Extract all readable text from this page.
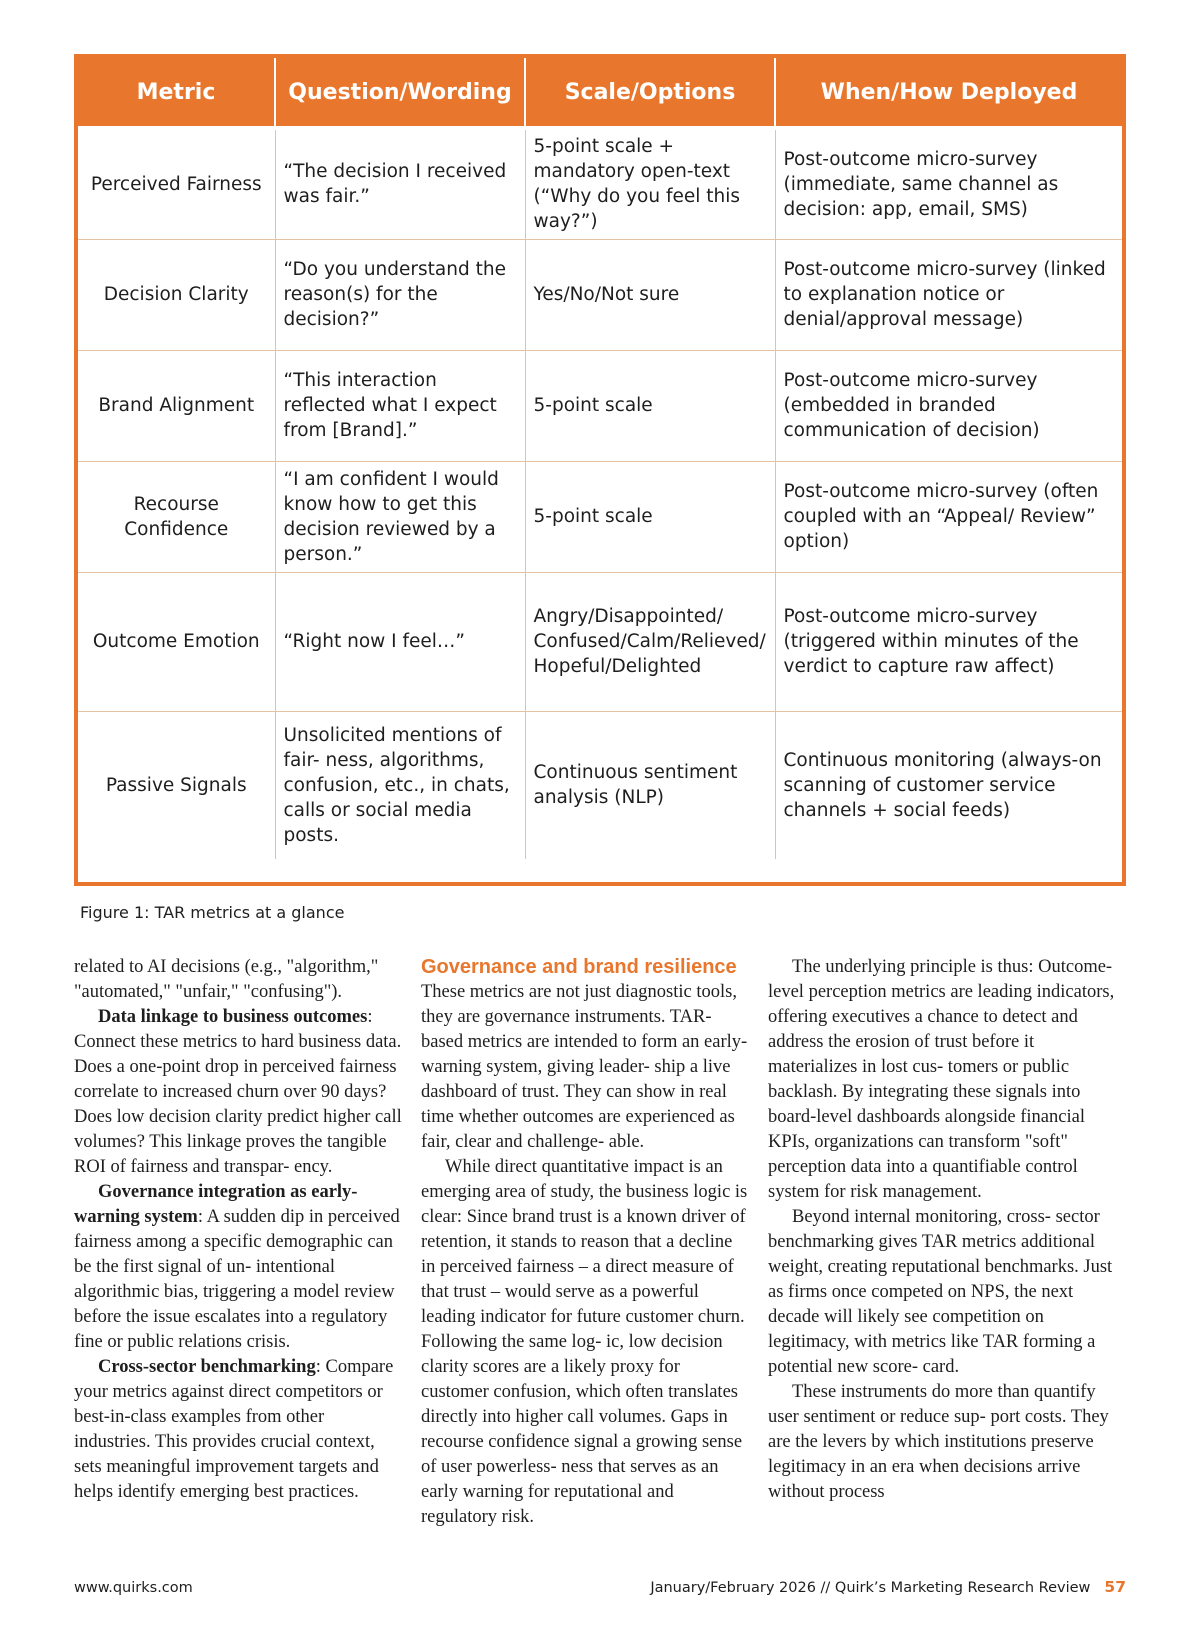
Metric	Question/Wording	Scale/Options	When/How Deployed
Perceived Fairness	“The decision I received was fair.”	5-point scale + mandatory open-text (“Why do you feel this way?”)	Post-outcome micro-survey (immediate, same channel as decision: app, email, SMS)
Decision Clarity	“Do you understand the reason(s) for the decision?”	Yes/No/Not sure	Post-outcome micro-survey (linked to explanation notice or denial/approval message)
Brand Alignment	“This interaction reflected what I expect from [Brand].”	5-point scale	Post-outcome micro-survey (embedded in branded communication of decision)
Recourse Confidence	“I am confident I would know how to get this decision reviewed by a person.”	5-point scale	Post-outcome micro-survey (often coupled with an “Appeal/ Review” option)
Outcome Emotion	“Right now I feel…”	Angry/Disappointed/ Confused/Calm/Relieved/ Hopeful/Delighted	Post-outcome micro-survey (triggered within minutes of the verdict to capture raw affect)
Passive Signals	Unsolicited mentions of fair- ness, algorithms, confusion, etc., in chats, calls or social media posts.	Continuous sentiment analysis (NLP)	Continuous monitoring (always-on scanning of customer service channels + social feeds)
Figure 1: TAR metrics at a glance

related to AI decisions (e.g., "algorithm," "automated," "unfair," "confusing").

Data linkage to business outcomes: Connect these metrics to hard business data. Does a one-point drop in perceived fairness correlate to increased churn over 90 days? Does low decision clarity predict higher call volumes? This linkage proves the tangible ROI of fairness and transpar- ency.

Governance integration as early- warning system: A sudden dip in perceived fairness among a specific demographic can be the first signal of un- intentional algorithmic bias, triggering a model review before the issue escalates into a regulatory fine or public relations crisis.

Cross-sector benchmarking: Compare your metrics against direct competitors or best-in-class examples from other industries. This provides crucial context, sets meaningful improvement targets and helps identify emerging best practices.

Governance and brand resilience

These metrics are not just diagnostic tools, they are governance instruments. TAR-based metrics are intended to form an early-warning system, giving leader- ship a live dashboard of trust. They can show in real time whether outcomes are experienced as fair, clear and challenge- able.

While direct quantitative impact is an emerging area of study, the business logic is clear: Since brand trust is a known driver of retention, it stands to reason that a decline in perceived fairness – a direct measure of that trust – would serve as a powerful leading indicator for future customer churn. Following the same log- ic, low decision clarity scores are a likely proxy for customer confusion, which often translates directly into higher call volumes. Gaps in recourse confidence signal a growing sense of user powerless- ness that serves as an early warning for reputational and regulatory risk.

The underlying principle is thus: Outcome-level perception metrics are leading indicators, offering executives a chance to detect and address the erosion of trust before it materializes in lost cus- tomers or public backlash. By integrating these signals into board-level dashboards alongside financial KPIs, organizations can transform "soft" perception data into a quantifiable control system for risk management.

Beyond internal monitoring, cross- sector benchmarking gives TAR metrics additional weight, creating reputational benchmarks. Just as firms once competed on NPS, the next decade will likely see competition on legitimacy, with metrics like TAR forming a potential new score- card.

These instruments do more than quantify user sentiment or reduce sup- port costs. They are the levers by which institutions preserve legitimacy in an era when decisions arrive without process

www.quirks.com	January/February 2026 // Quirk’s Marketing Research Review 57
